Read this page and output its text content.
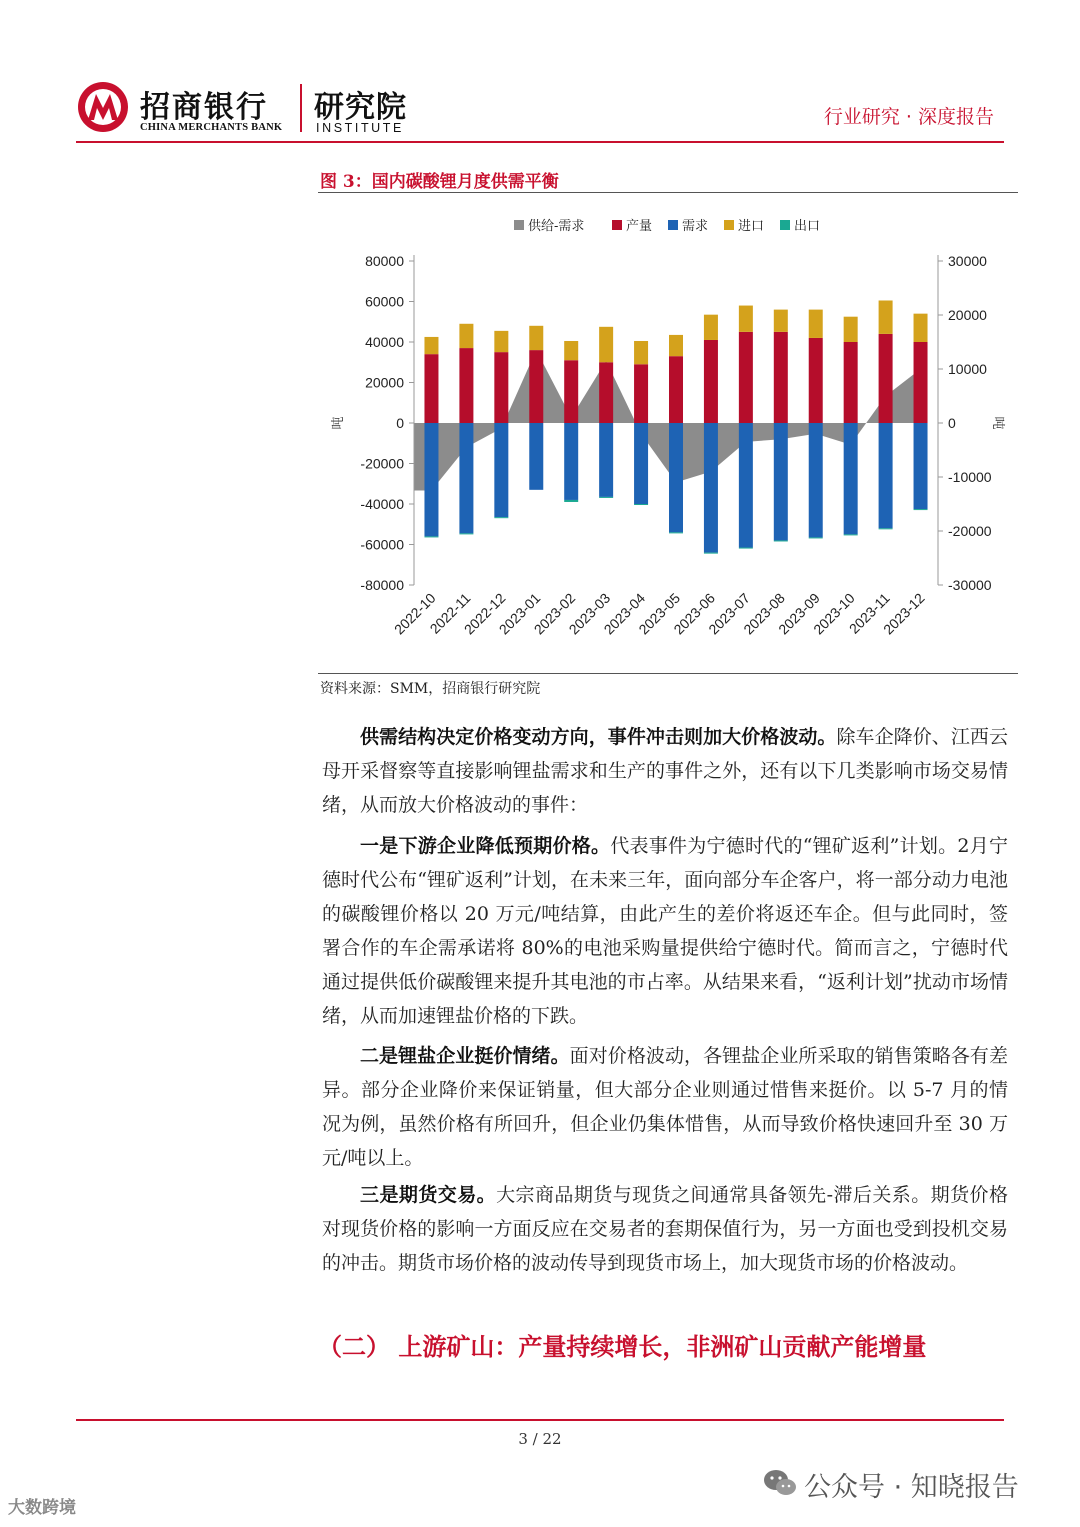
招商银行
CHINA MERCHANTS BANK
研究院
INSTITUTE	行业研究 · 深度报告
图 3：国内碳酸锂月度供需平衡
80000
60000
40000
20000
0
-20000
-40000
-60000
-80000
30000
20000
10000
0
-10000
-20000
-30000
吨	吨
2022-10
2022-11
2022-12
2023-01
2023-02
2023-03
2023-04
2023-05
2023-06
2023-07
2023-08
2023-09
2023-10
2023-11
2023-12
供给-需求	产量 需求 进口 出口
资料来源：SMM，招商银行研究院
供需结构决定价格变动方向，事件冲击则加大价格波动。除车企降价、江西云母开采督察等直接影响锂盐需求和生产的事件之外，还有以下几类影响市场交易情绪，从而放大价格波动的事件：
一是下游企业降低预期价格。代表事件为宁德时代的“锂矿返利”计划。2月宁德时代公布“锂矿返利”计划，在未来三年，面向部分车企客户，将一部分动力电池的碳酸锂价格以 20 万元/吨结算，由此产生的差价将返还车企。但与此同时，签署合作的车企需承诺将 80%的电池采购量提供给宁德时代。简而言之，宁德时代通过提供低价碳酸锂来提升其电池的市占率。从结果来看，“返利计划”扰动市场情绪，从而加速锂盐价格的下跌。
二是锂盐企业挺价情绪。面对价格波动，各锂盐企业所采取的销售策略各有差异。部分企业降价来保证销量，但大部分企业则通过惜售来挺价。以 5-7 月的情况为例，虽然价格有所回升，但企业仍集体惜售，从而导致价格快速回升至 30 万元/吨以上。
三是期货交易。大宗商品期货与现货之间通常具备领先-滞后关系。期货价格对现货价格的影响一方面反应在交易者的套期保值行为，另一方面也受到投机交易的冲击。期货市场价格的波动传导到现货市场上，加大现货市场的价格波动。
（二） 上游矿山：产量持续增长，非洲矿山贡献产能增量
3 / 22
大数跨境
公众号 · 知晓报告
